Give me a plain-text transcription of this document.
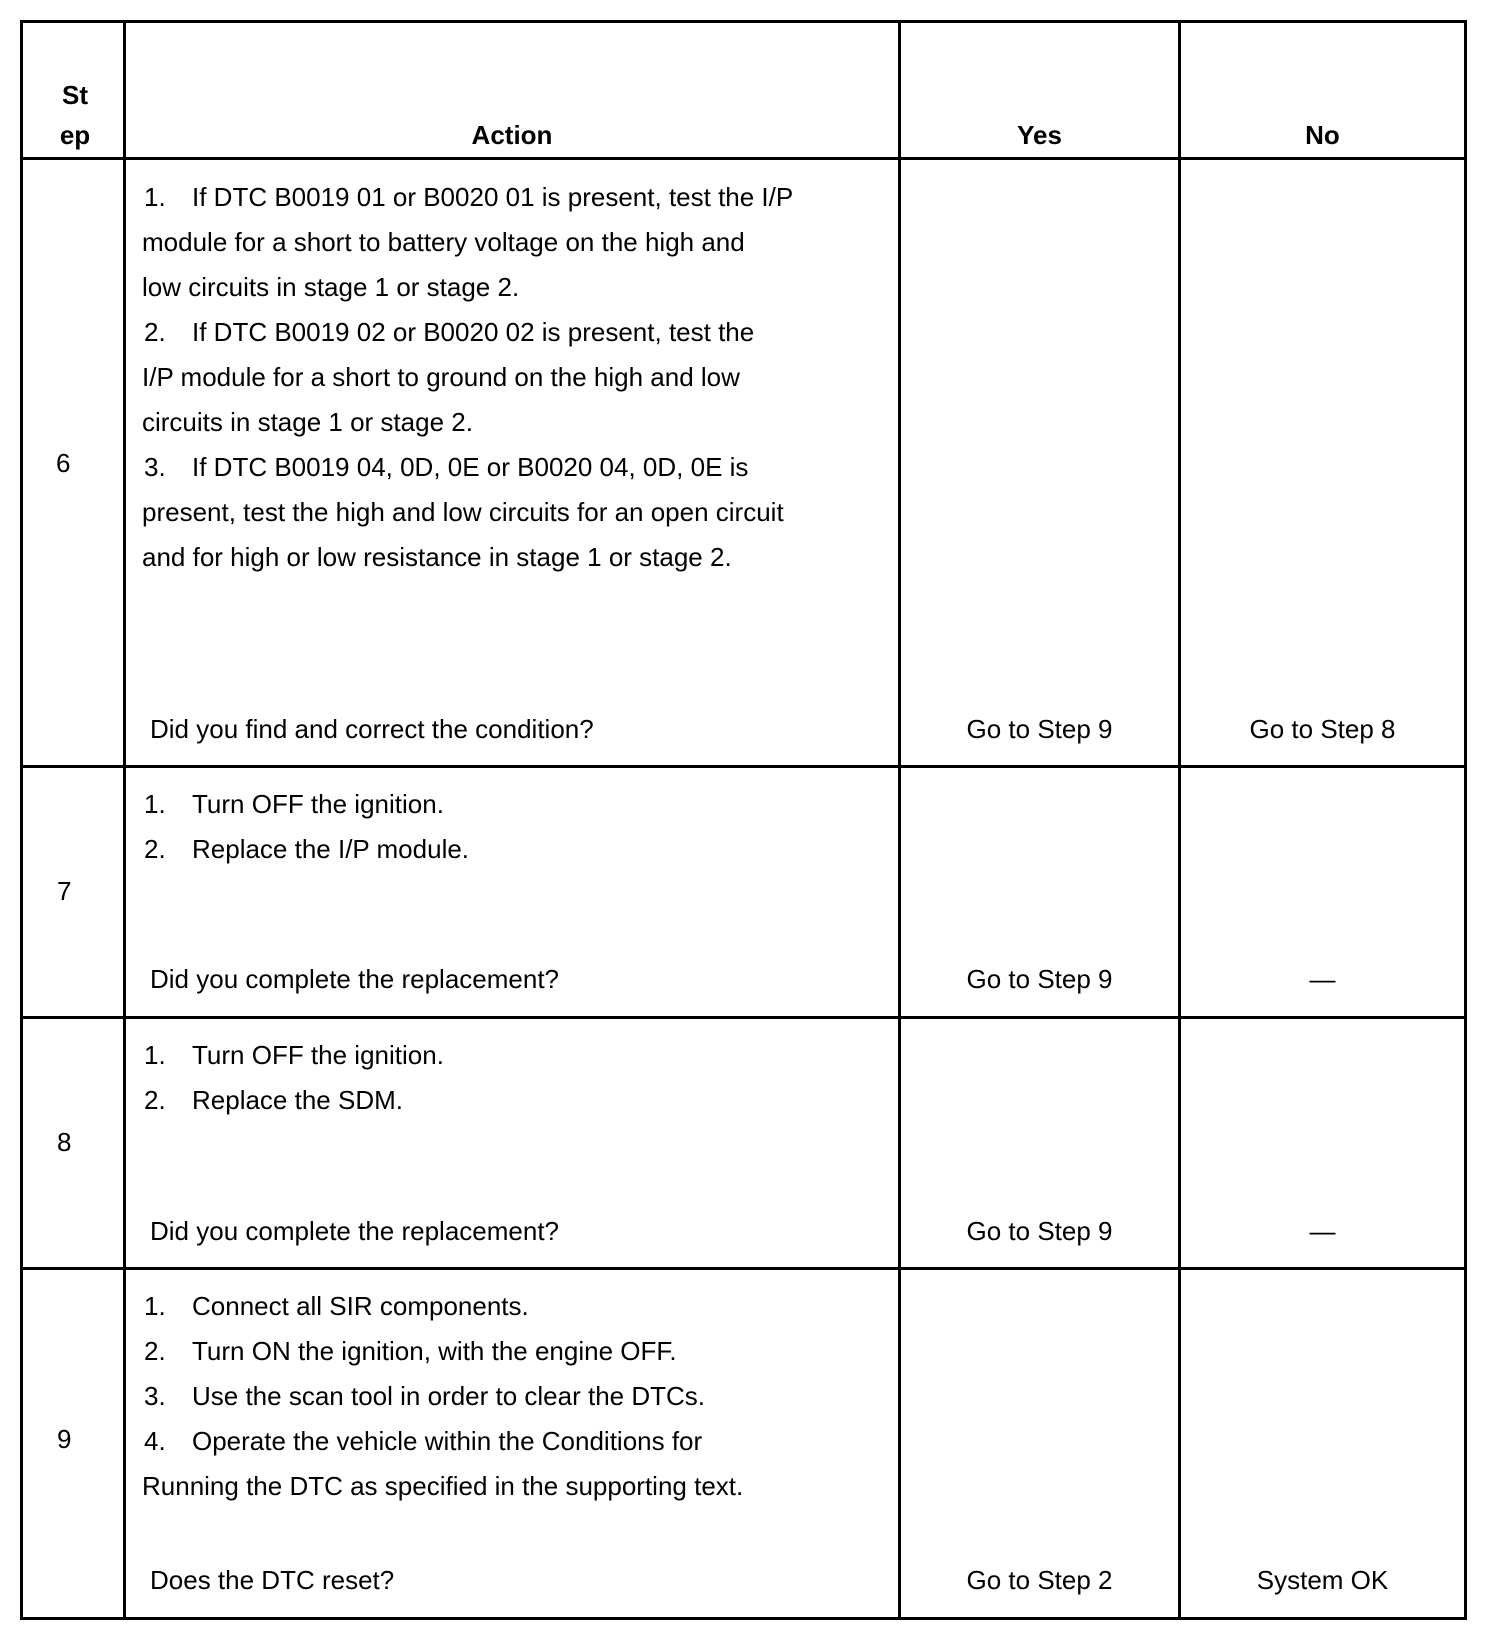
St
ep	Action	Yes	No
6
1. If DTC B0019 01 or B0020 01 is present, test the I/P
module for a short to battery voltage on the high and
low circuits in stage 1 or stage 2.
2. If DTC B0019 02 or B0020 02 is present, test the
I/P module for a short to ground on the high and low
circuits in stage 1 or stage 2.
3. If DTC B0019 04, 0D, 0E or B0020 04, 0D, 0E is
present, test the high and low circuits for an open circuit
and for high or low resistance in stage 1 or stage 2.
Did you find and correct the condition?	Go to Step 9	Go to Step 8
7
1. Turn OFF the ignition.
2. Replace the I/P module.
Did you complete the replacement?	Go to Step 9	—
8
1. Turn OFF the ignition.
2. Replace the SDM.
Did you complete the replacement?	Go to Step 9	—
9
1. Connect all SIR components.
2. Turn ON the ignition, with the engine OFF.
3. Use the scan tool in order to clear the DTCs.
4. Operate the vehicle within the Conditions for
Running the DTC as specified in the supporting text.
Does the DTC reset?	Go to Step 2	System OK
